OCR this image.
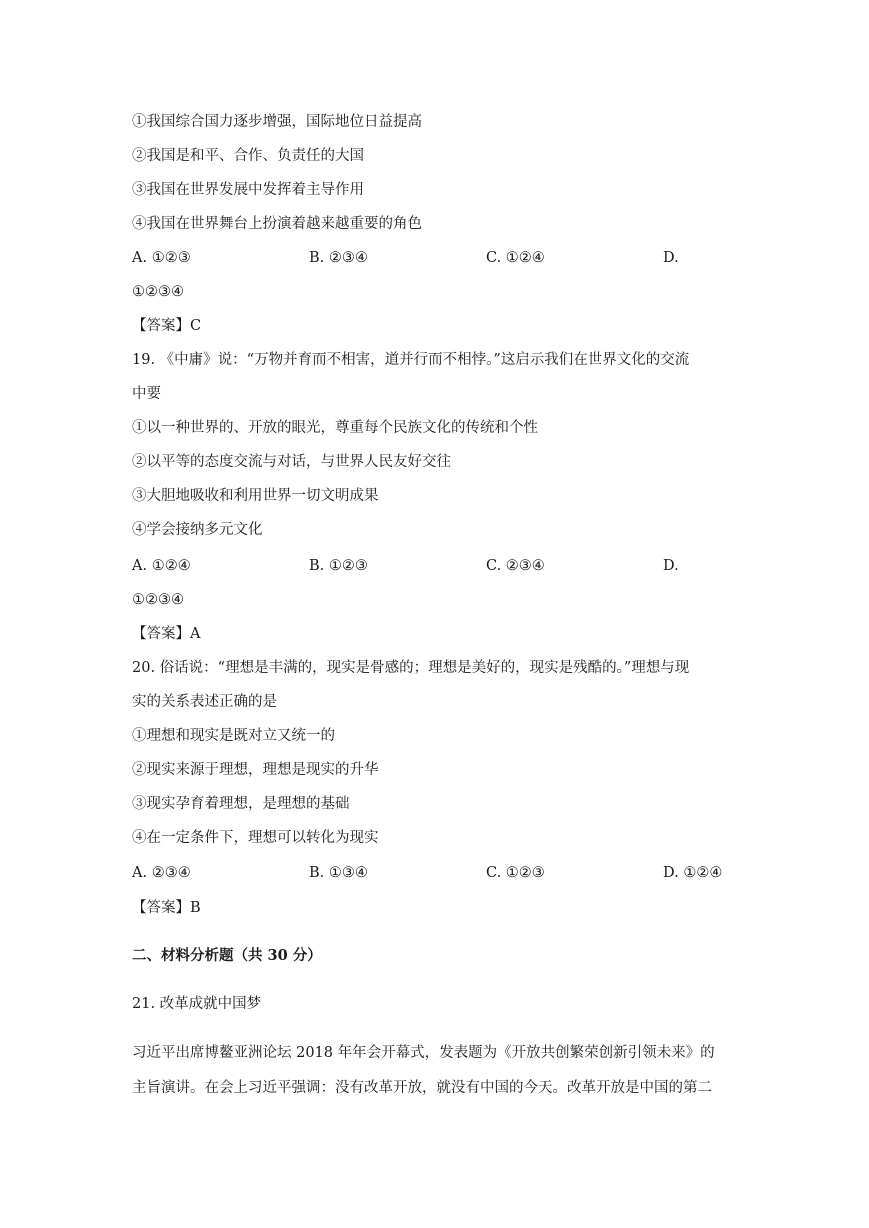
①我国综合国力逐步增强，国际地位日益提高
②我国是和平、合作、负责任的大国
③我国在世界发展中发挥着主导作用
④我国在世界舞台上扮演着越来越重要的角色
A. ①②③	B. ②③④	C. ①②④	D.
①②③④
【答案】C
19. 《中庸》说：“万物并育而不相害，道并行而不相悖。”这启示我们在世界文化的交流
中要
①以一种世界的、开放的眼光，尊重每个民族文化的传统和个性
②以平等的态度交流与对话，与世界人民友好交往
③大胆地吸收和利用世界一切文明成果
④学会接纳多元文化
A. ①②④	B. ①②③	C. ②③④	D.
①②③④
【答案】A
20. 俗话说：“理想是丰满的，现实是骨感的；理想是美好的，现实是残酷的。”理想与现
实的关系表述正确的是
①理想和现实是既对立又统一的
②现实来源于理想，理想是现实的升华
③现实孕育着理想，是理想的基础
④在一定条件下，理想可以转化为现实
A. ②③④	B. ①③④	C. ①②③	D. ①②④
【答案】B
二、材料分析题（共 30 分）
21. 改革成就中国梦
习近平出席博鳌亚洲论坛 2018 年年会开幕式，发表题为《开放共创繁荣创新引领未来》的
主旨演讲。在会上习近平强调：没有改革开放，就没有中国的今天。改革开放是中国的第二
